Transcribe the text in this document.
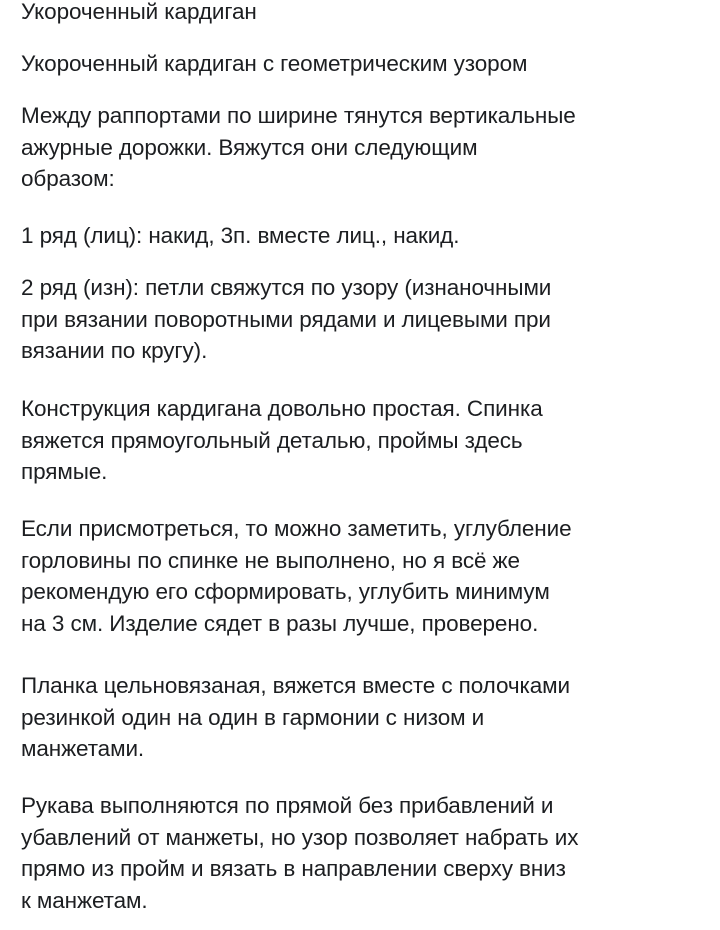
Укороченный кардиган

Укороченный кардиган с геометрическим узором

Между раппортами по ширине тянутся вертикальные
ажурные дорожки. Вяжутся они следующим
образом:

1 ряд (лиц): накид, 3п. вместе лиц., накид.

2 ряд (изн): петли свяжутся по узору (изнаночными
при вязании поворотными рядами и лицевыми при
вязании по кругу).

Конструкция кардигана довольно простая. Спинка
вяжется прямоугольный деталью, проймы здесь
прямые.

Если присмотреться, то можно заметить, углубление
горловины по спинке не выполнено, но я всё же
рекомендую его сформировать, углубить минимум
на 3 см. Изделие сядет в разы лучше, проверено.

Планка цельновязаная, вяжется вместе с полочками
резинкой один на один в гармонии с низом и
манжетами.

Рукава выполняются по прямой без прибавлений и
убавлений от манжеты, но узор позволяет набрать их
прямо из пройм и вязать в направлении сверху вниз
к манжетам.
